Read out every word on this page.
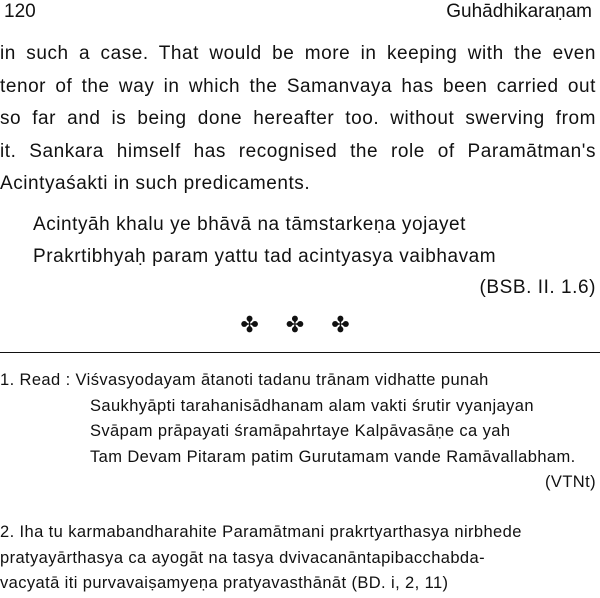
120	Guhādhikaraṇam
in such a case. That would be more in keeping with the even
tenor of the way in which the Samanvaya has been carried out
so far and is being done hereafter too. without swerving from
it. Sankara himself has recognised the role of Paramātman's
Acintyaśakti in such predicaments.
Acintyāh khalu ye bhāvā na tāmstarkeṇa yojayet
Prakrtibhyaḥ param yattu tad acintyasya vaibhavam
(BSB. II. 1.6)
✤ ✤ ✤
1. Read : Viśvasyodayam ātanoti tadanu trānam vidhatte punah
Saukhyāpti tarahanisādhanam alam vakti śrutir vyanjayan
Svāpam prāpayati śramāpahrtaye Kalpāvasāṇe ca yah
Tam Devam Pitaram patim Gurutamam vande Ramāvallabham.
(VTNt)
2. Iha tu karmabandharahite Paramātmani prakrtyarthasya nirbhede
pratyayārthasya ca ayogāt na tasya dvivacanāntapibacchabda-
vacyatā iti purvavaiṣamyeṇa pratyavasthānāt (BD. i, 2, 11)
